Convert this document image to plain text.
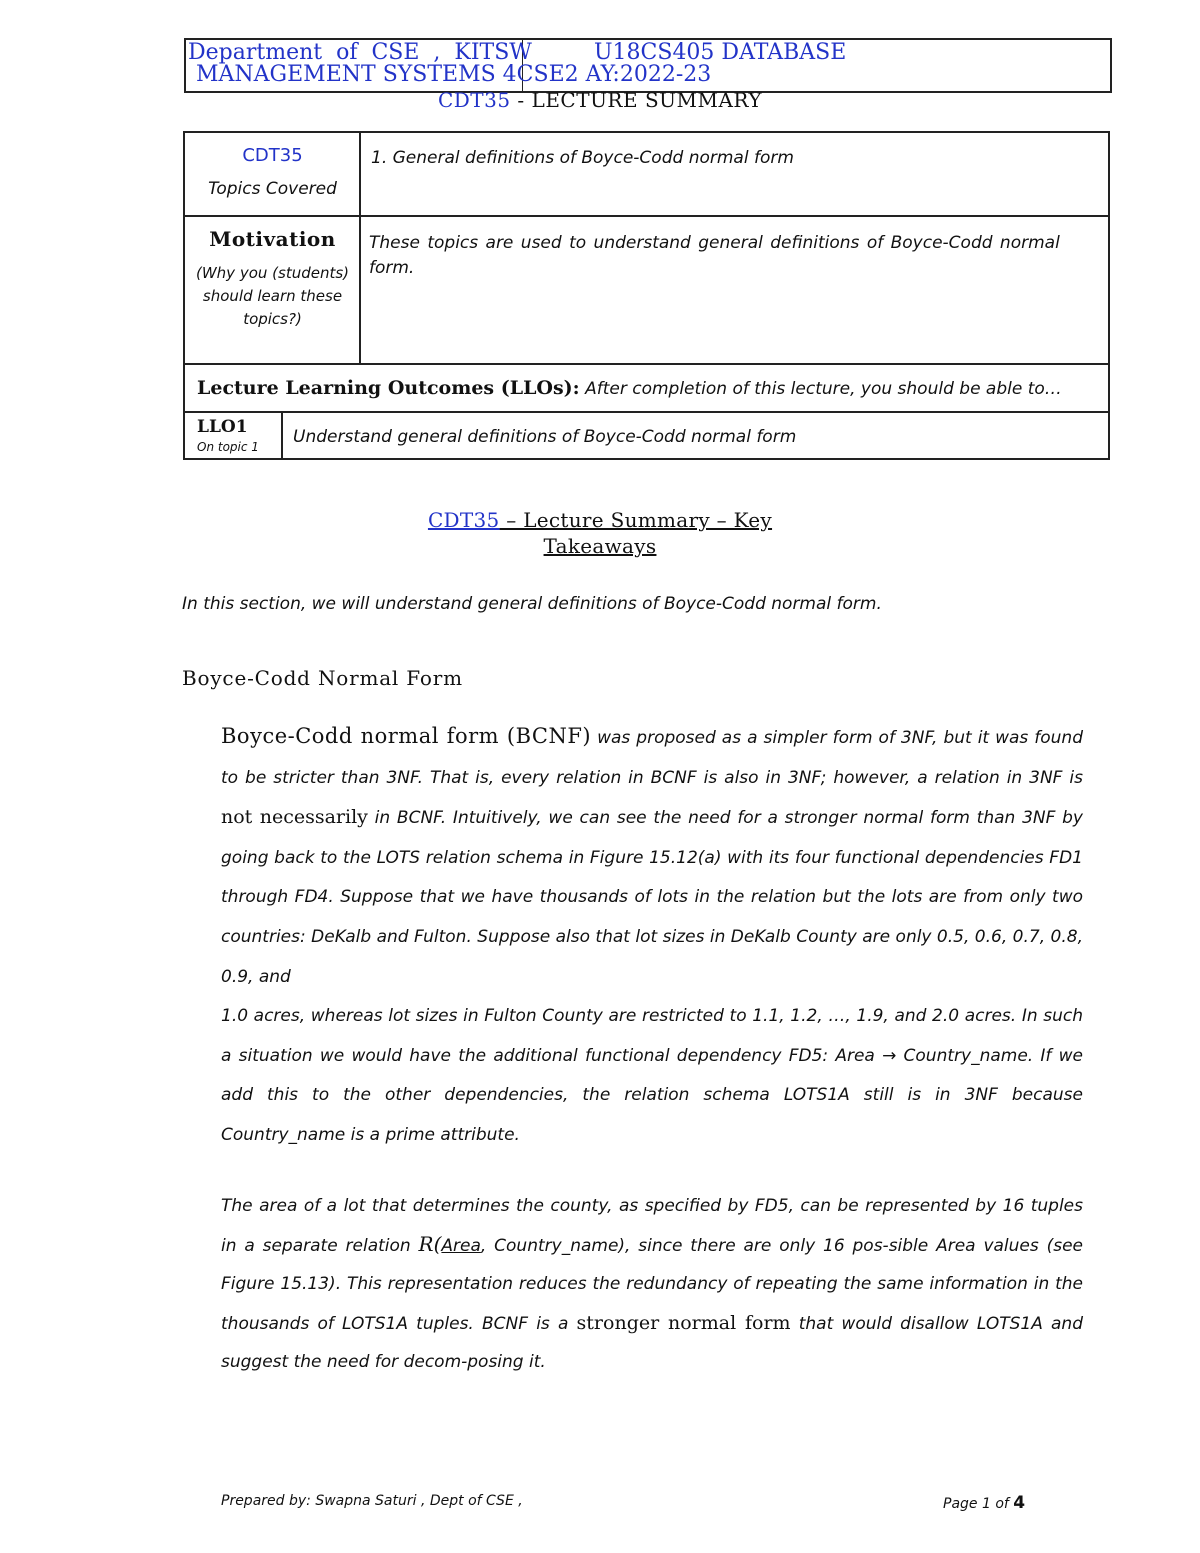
Department  of  CSE  ,  KITSW	U18CS405 DATABASE
MANAGEMENT SYSTEMS 4CSE2 AY:2022-23
CDT35 - LECTURE SUMMARY
CDT35
Topics Covered
1. General definitions of Boyce-Codd normal form
Motivation
(Why you (students) should learn these topics?)
These topics are used to understand general definitions of Boyce-Codd normal form.
Lecture Learning Outcomes (LLOs): After completion of this lecture, you should be able to…
LLO1
On topic 1 Understand general definitions of Boyce-Codd normal form
CDT35 – Lecture Summary – Key
Takeaways
In this section, we will understand general definitions of Boyce-Codd normal form.
Boyce-Codd Normal Form
Boyce-Codd normal form (BCNF) was proposed as a simpler form of 3NF, but it was found to be stricter than 3NF. That is, every relation in BCNF is also in 3NF; however, a relation in 3NF is not necessarily in BCNF. Intuitively, we can see the need for a stronger normal form than 3NF by going back to the LOTS relation schema in Figure 15.12(a) with its four functional dependencies FD1 through FD4. Suppose that we have thousands of lots in the relation but the lots are from only two countries: DeKalb and Fulton. Suppose also that lot sizes in DeKalb County are only 0.5, 0.6, 0.7, 0.8, 0.9, and
1.0 acres, whereas lot sizes in Fulton County are restricted to 1.1, 1.2, …, 1.9, and 2.0 acres. In such a situation we would have the additional functional dependency FD5: Area → Country_name. If we add this to the other dependencies, the relation schema LOTS1A still is in 3NF because Country_name is a prime attribute.
The area of a lot that determines the county, as specified by FD5, can be represented by 16 tuples in a separate relation R(Area, Country_name), since there are only 16 pos-sible Area values (see Figure 15.13). This representation reduces the redundancy of repeating the same information in the thousands of LOTS1A tuples. BCNF is a stronger normal form that would disallow LOTS1A and suggest the need for decom-posing it.
Prepared by: Swapna Saturi , Dept of CSE ,	Page 1 of 4
